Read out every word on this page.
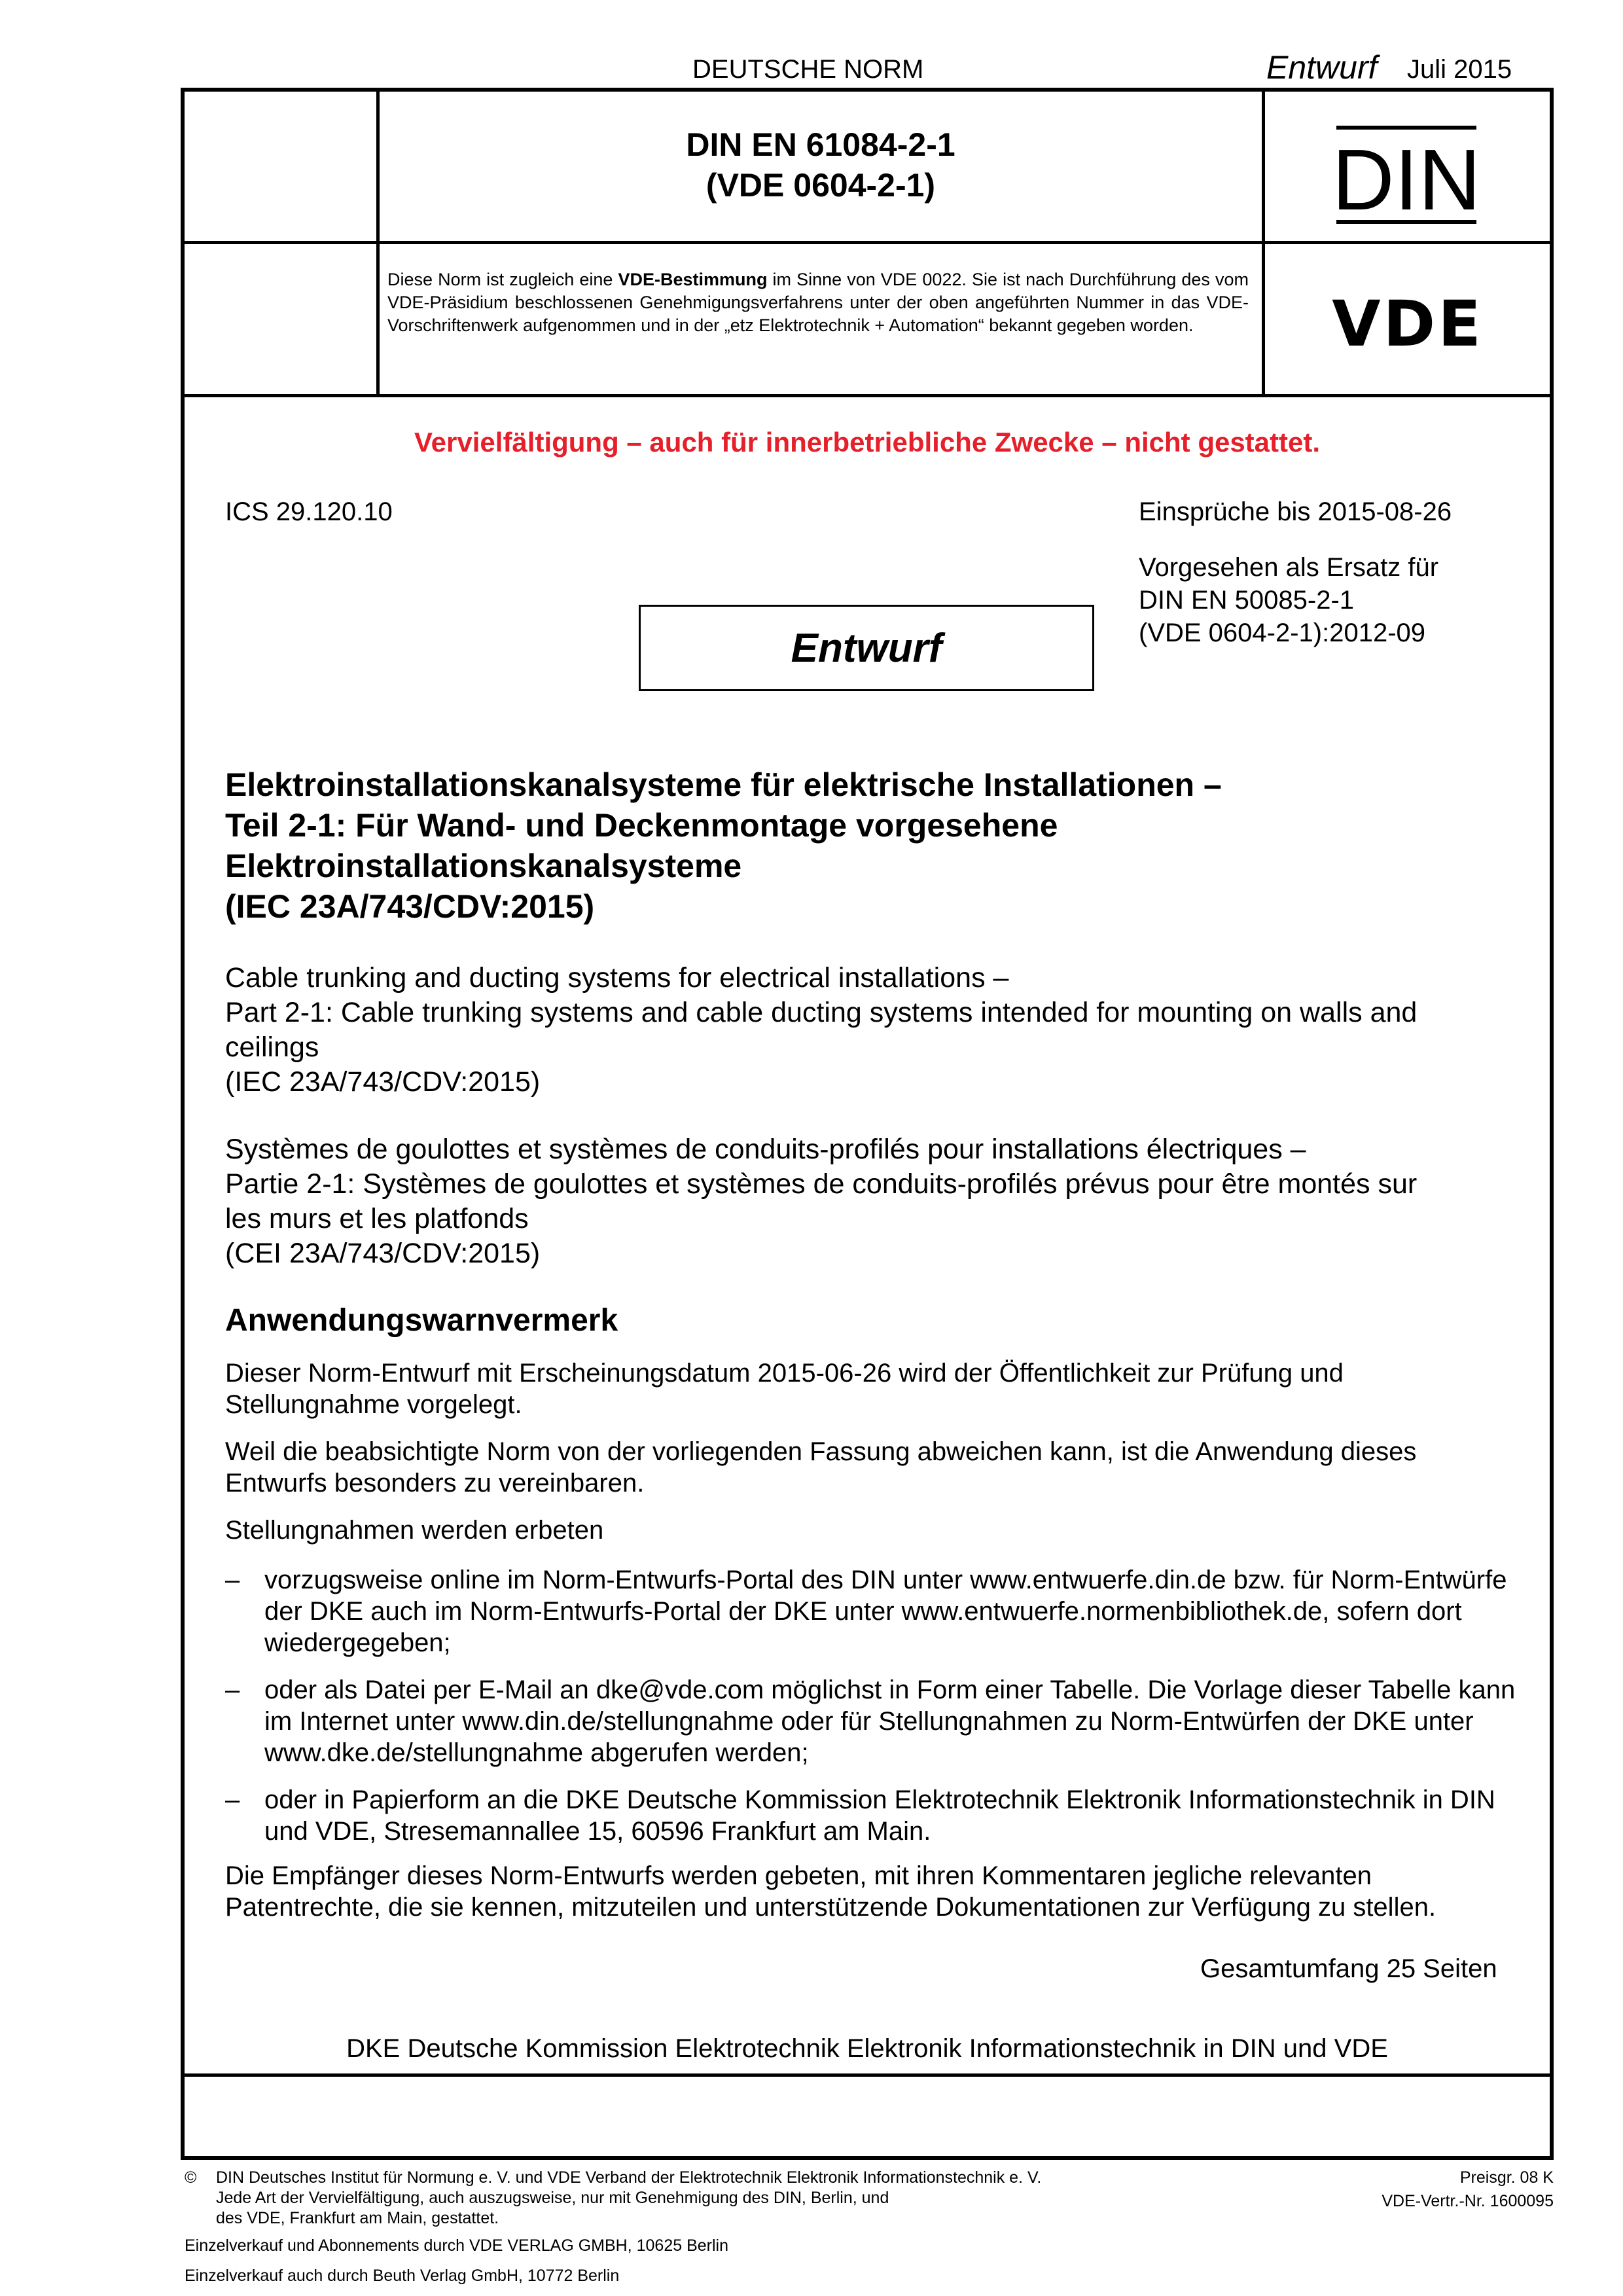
DEUTSCHE NORM	Entwurf Juli 2015
DIN EN 61084-2-1
(VDE 0604-2-1)	DIN
Diese Norm ist zugleich eine VDE-Bestimmung im Sinne von VDE 0022. Sie ist nach Durchführung des vom VDE-Präsidium beschlossenen Genehmigungsverfahrens unter der oben angeführten Nummer in das VDE-Vorschriftenwerk aufgenommen und in der „etz Elektrotechnik + Automation“ bekannt gegeben worden.	VDE
Vervielfältigung – auch für innerbetriebliche Zwecke – nicht gestattet.
ICS 29.120.10	Einsprüche bis 2015-08-26
Vorgesehen als Ersatz für
DIN EN 50085-2-1
(VDE 0604-2-1):2012-09
Entwurf
Elektroinstallationskanalsysteme für elektrische Installationen –
Teil 2-1: Für Wand- und Deckenmontage vorgesehene
Elektroinstallationskanalsysteme
(IEC 23A/743/CDV:2015)
Cable trunking and ducting systems for electrical installations –
Part 2-1: Cable trunking systems and cable ducting systems intended for mounting on walls and
ceilings
(IEC 23A/743/CDV:2015)
Systèmes de goulottes et systèmes de conduits-profilés pour installations électriques –
Partie 2-1: Systèmes de goulottes et systèmes de conduits-profilés prévus pour être montés sur
les murs et les platfonds
(CEI 23A/743/CDV:2015)
Anwendungswarnvermerk
Dieser Norm-Entwurf mit Erscheinungsdatum 2015-06-26 wird der Öffentlichkeit zur Prüfung und Stellungnahme vorgelegt.
Weil die beabsichtigte Norm von der vorliegenden Fassung abweichen kann, ist die Anwendung dieses Entwurfs besonders zu vereinbaren.
Stellungnahmen werden erbeten
– vorzugsweise online im Norm-Entwurfs-Portal des DIN unter www.entwuerfe.din.de bzw. für Norm-Entwürfe der DKE auch im Norm-Entwurfs-Portal der DKE unter www.entwuerfe.normenbibliothek.de, sofern dort wiedergegeben;
– oder als Datei per E-Mail an dke@vde.com möglichst in Form einer Tabelle. Die Vorlage dieser Tabelle kann im Internet unter www.din.de/stellungnahme oder für Stellungnahmen zu Norm-Entwürfen der DKE unter www.dke.de/stellungnahme abgerufen werden;
– oder in Papierform an die DKE Deutsche Kommission Elektrotechnik Elektronik Informationstechnik in DIN und VDE, Stresemannallee 15, 60596 Frankfurt am Main.
Die Empfänger dieses Norm-Entwurfs werden gebeten, mit ihren Kommentaren jegliche relevanten Patentrechte, die sie kennen, mitzuteilen und unterstützende Dokumentationen zur Verfügung zu stellen.
Gesamtumfang 25 Seiten
DKE Deutsche Kommission Elektrotechnik Elektronik Informationstechnik in DIN und VDE
© DIN Deutsches Institut für Normung e. V. und VDE Verband der Elektrotechnik Elektronik Informationstechnik e. V.
Jede Art der Vervielfältigung, auch auszugsweise, nur mit Genehmigung des DIN, Berlin, und
des VDE, Frankfurt am Main, gestattet.
Preisgr. 08 K
VDE-Vertr.-Nr. 1600095
Einzelverkauf und Abonnements durch VDE VERLAG GMBH, 10625 Berlin
Einzelverkauf auch durch Beuth Verlag GmbH, 10772 Berlin
